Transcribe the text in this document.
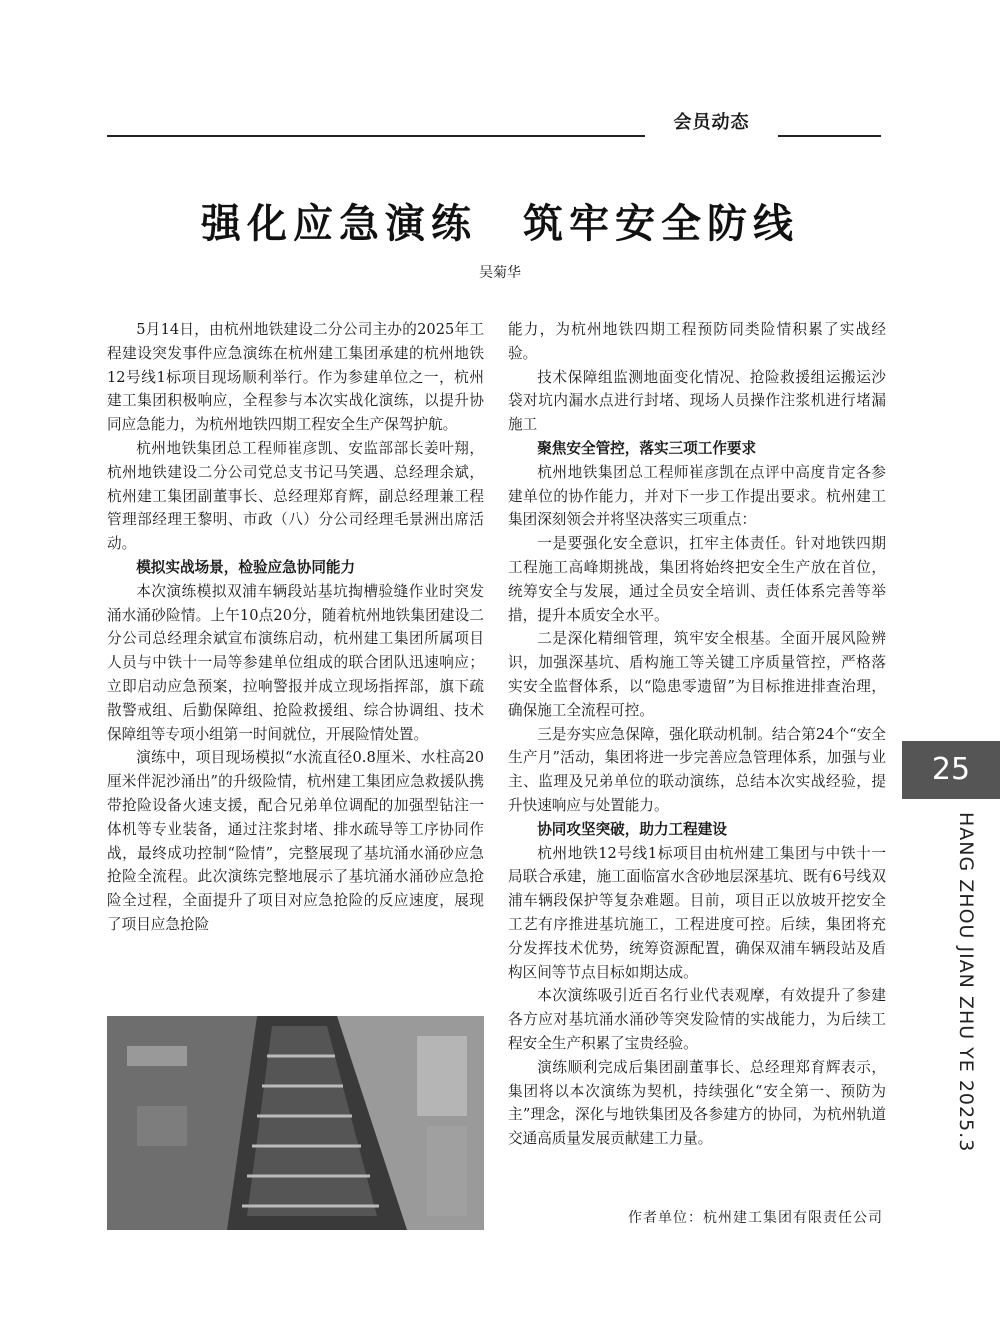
会员动态
强化应急演练　筑牢安全防线
吴菊华

5月14日，由杭州地铁建设二分公司主办的2025年工程建设突发事件应急演练在杭州建工集团承建的杭州地铁12号线1标项目现场顺利举行。作为参建单位之一，杭州建工集团积极响应，全程参与本次实战化演练，以提升协同应急能力，为杭州地铁四期工程安全生产保驾护航。

杭州地铁集团总工程师崔彦凯、安监部部长姜叶翔，杭州地铁建设二分公司党总支书记马笑遇、总经理余斌，杭州建工集团副董事长、总经理郑育辉，副总经理兼工程管理部经理王黎明、市政（八）分公司经理毛景洲出席活动。

模拟实战场景，检验应急协同能力

本次演练模拟双浦车辆段站基坑掏槽验缝作业时突发涌水涌砂险情。上午10点20分，随着杭州地铁集团建设二分公司总经理余斌宣布演练启动，杭州建工集团所属项目人员与中铁十一局等参建单位组成的联合团队迅速响应；立即启动应急预案，拉响警报并成立现场指挥部，旗下疏散警戒组、后勤保障组、抢险救援组、综合协调组、技术保障组等专项小组第一时间就位，开展险情处置。

演练中，项目现场模拟“水流直径0.8厘米、水柱高20厘米伴泥沙涌出”的升级险情，杭州建工集团应急救援队携带抢险设备火速支援，配合兄弟单位调配的加强型钻注一体机等专业装备，通过注浆封堵、排水疏导等工序协同作战，最终成功控制“险情”，完整展现了基坑涌水涌砂应急抢险全流程。此次演练完整地展示了基坑涌水涌砂应急抢险全过程，全面提升了项目对应急抢险的反应速度，展现了项目应急抢险

能力，为杭州地铁四期工程预防同类险情积累了实战经验。

技术保障组监测地面变化情况、抢险救援组运搬运沙袋对坑内漏水点进行封堵、现场人员操作注浆机进行堵漏施工

聚焦安全管控，落实三项工作要求

杭州地铁集团总工程师崔彦凯在点评中高度肯定各参建单位的协作能力，并对下一步工作提出要求。杭州建工集团深刻领会并将坚决落实三项重点：

一是要强化安全意识，扛牢主体责任。针对地铁四期工程施工高峰期挑战，集团将始终把安全生产放在首位，统筹安全与发展，通过全员安全培训、责任体系完善等举措，提升本质安全水平。

二是深化精细管理，筑牢安全根基。全面开展风险辨识，加强深基坑、盾构施工等关键工序质量管控，严格落实安全监督体系，以“隐患零遗留”为目标推进排查治理，确保施工全流程可控。

三是夯实应急保障，强化联动机制。结合第24个“安全生产月”活动，集团将进一步完善应急管理体系，加强与业主、监理及兄弟单位的联动演练，总结本次实战经验，提升快速响应与处置能力。

协同攻坚突破，助力工程建设

杭州地铁12号线1标项目由杭州建工集团与中铁十一局联合承建，施工面临富水含砂地层深基坑、既有6号线双浦车辆段保护等复杂难题。目前，项目正以放坡开挖安全工艺有序推进基坑施工，工程进度可控。后续，集团将充分发挥技术优势，统筹资源配置，确保双浦车辆段站及盾构区间等节点目标如期达成。

本次演练吸引近百名行业代表观摩，有效提升了参建各方应对基坑涌水涌砂等突发险情的实战能力，为后续工程安全生产积累了宝贵经验。

演练顺利完成后集团副董事长、总经理郑育辉表示，集团将以本次演练为契机，持续强化“安全第一、预防为主”理念，深化与地铁集团及各参建方的协同，为杭州轨道交通高质量发展贡献建工力量。

作者单位：杭州建工集团有限责任公司
25
HANG ZHOU JIAN ZHU YE 2025.3
